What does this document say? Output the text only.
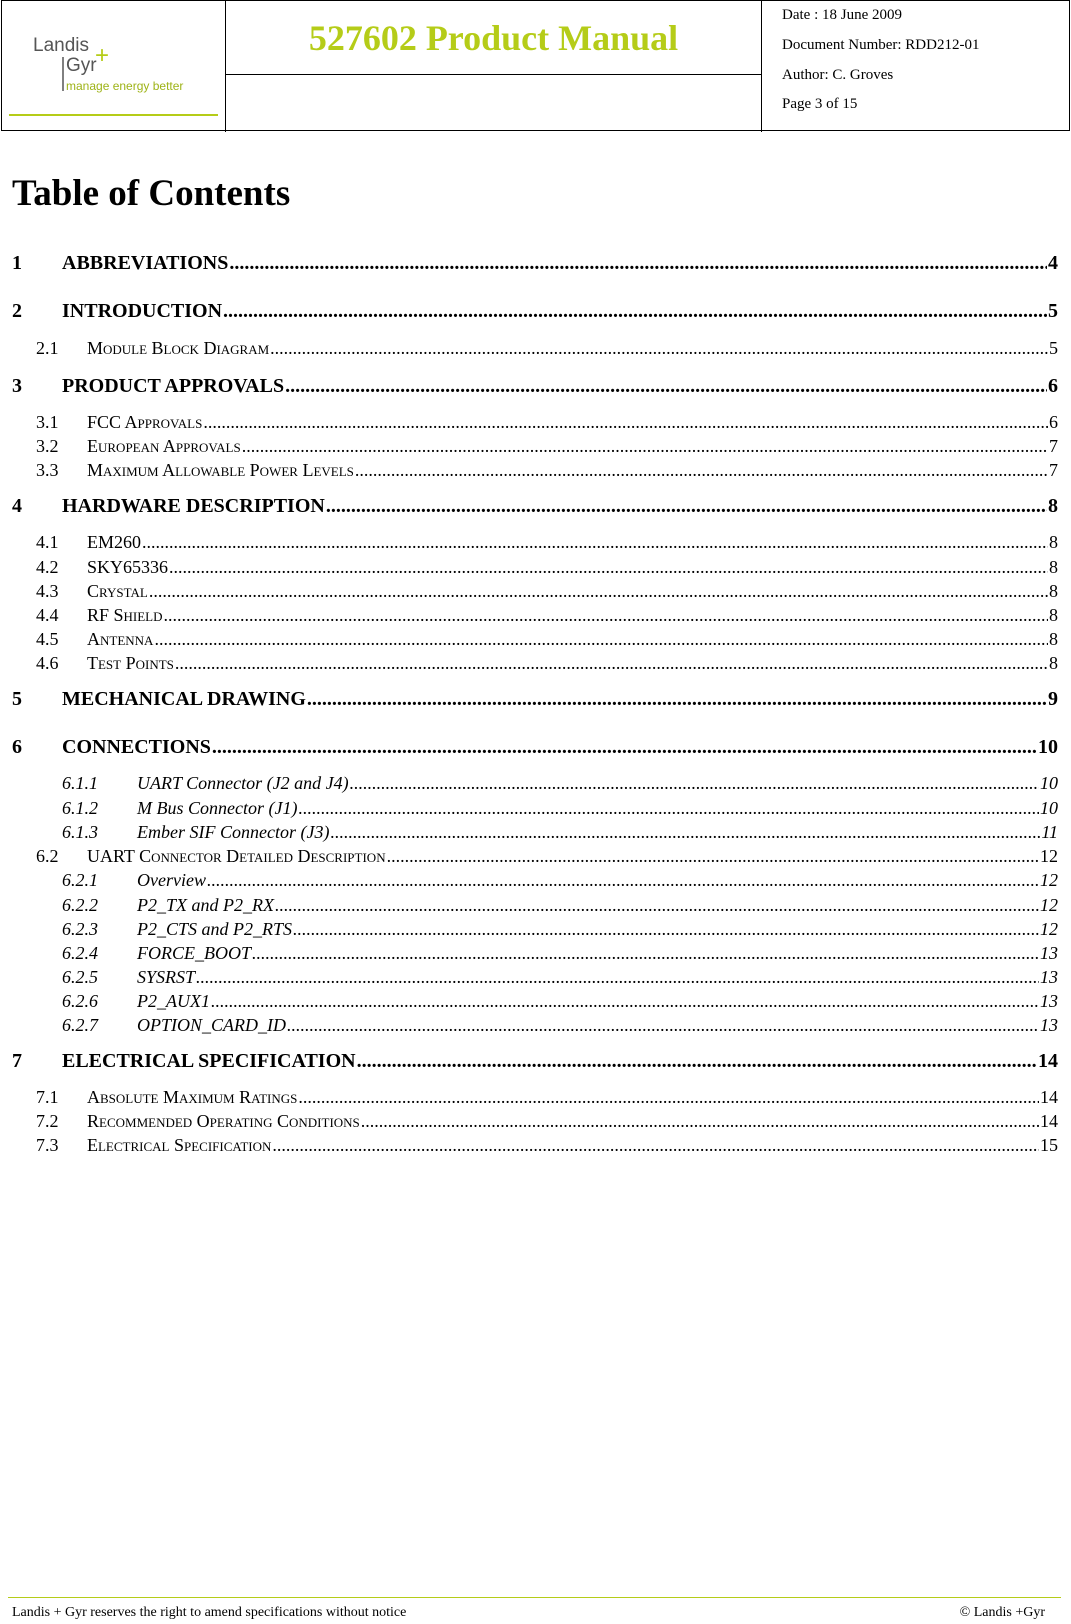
Landis
Gyr
+
manage energy better
527602 Product Manual
Date : 18 June 2009
Document Number: RDD212-01
Author: C. Groves
Page 3 of 15
Table of Contents
1	ABBREVIATIONS .....	4
2	INTRODUCTION .....	5
2.1	Module Block Diagram .....	5
3	PRODUCT APPROVALS .....	6
3.1	FCC Approvals .....	6
3.2	European Approvals .....	7
3.3	Maximum Allowable Power Levels .....	7
4	HARDWARE DESCRIPTION .....	8
4.1	EM260 .....	8
4.2	SKY65336 .....	8
4.3	Crystal .....	8
4.4	RF Shield .....	8
4.5	Antenna .....	8
4.6	Test Points .....	8
5	MECHANICAL DRAWING .....	9
6	CONNECTIONS .....	10
6.1.1	UART Connector (J2 and J4) .....	10
6.1.2	M Bus Connector (J1) .....	10
6.1.3	Ember SIF Connector (J3) .....	11
6.2	UART Connector Detailed Description .....	12
6.2.1	Overview .....	12
6.2.2	P2_TX and P2_RX .....	12
6.2.3	P2_CTS and P2_RTS .....	12
6.2.4	FORCE_BOOT .....	13
6.2.5	SYSRST .....	13
6.2.6	P2_AUX1 .....	13
6.2.7	OPTION_CARD_ID .....	13
7	ELECTRICAL SPECIFICATION .....	14
7.1	Absolute Maximum Ratings .....	14
7.2	Recommended Operating Conditions .....	14
7.3	Electrical Specification .....	15
Landis + Gyr reserves the right to amend specifications without notice	© Landis +Gyr
